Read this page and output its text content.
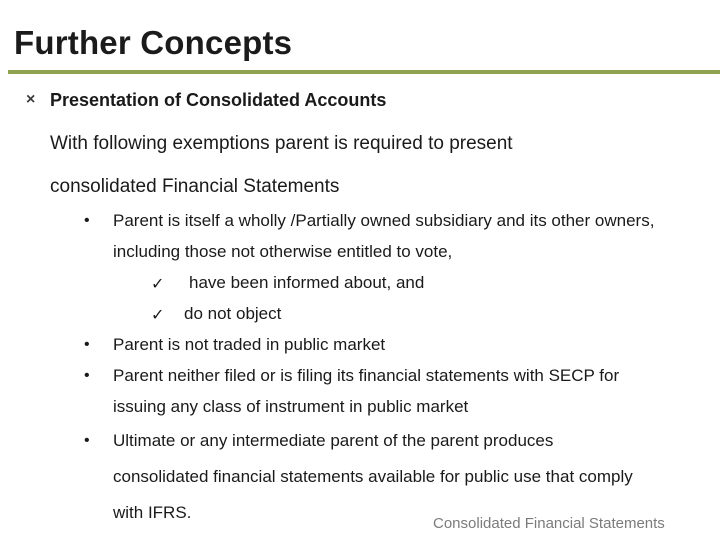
Further Concepts
× Presentation of Consolidated Accounts
With following exemptions parent is required to present
consolidated Financial Statements
• Parent is itself a wholly /Partially owned subsidiary and its other owners,
including those not otherwise entitled to vote,
✓ have been informed about, and
✓ do not object
• Parent is not traded in public market
• Parent neither filed or is filing its financial statements with SECP for
issuing any class of instrument in public market
• Ultimate or any intermediate parent of the parent produces
consolidated financial statements available for public use that comply
with IFRS.
Consolidated Financial Statements
